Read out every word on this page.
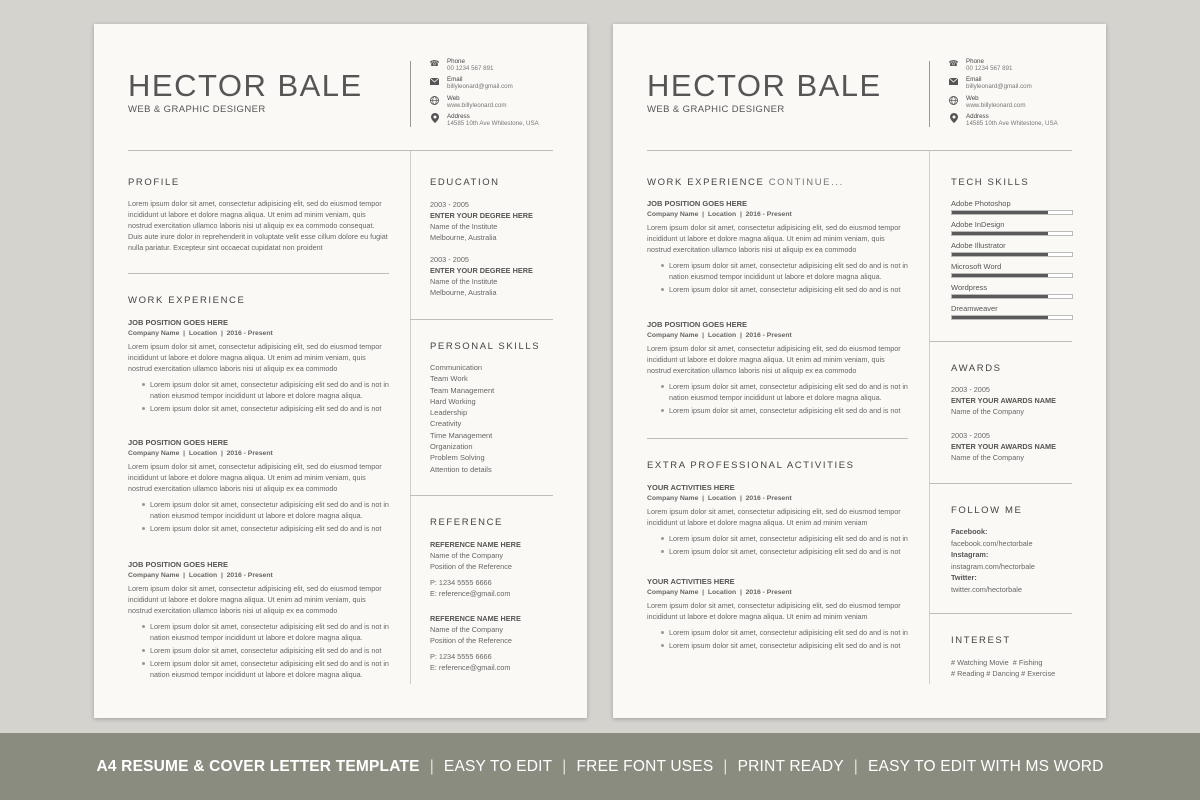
HECTOR BALE
WEB & GRAPHIC DESIGNER
☎ Phone
00 1234 567 891
Email
billyleonard@gmail.com
Web
www.billyleonard.com
Address
14585 10th Ave Whitestone, USA
PROFILE

Lorem ipsum dolor sit amet, consectetur adipisicing elit, sed do eiusmod tempor incididunt ut labore et dolore magna aliqua. Ut enim ad minim veniam, quis nostrud exercitation ullamco laboris nisi ut aliquip ex ea commodo consequat. Duis aute irure dolor in reprehenderit in voluptate velit esse cillum dolore eu fugiat nulla pariatur. Excepteur sint occaecat cupidatat non proident

WORK EXPERIENCE
JOB POSITION GOES HERE
Company Name  |  Location  |  2016 - Present
Lorem ipsum dolor sit amet, consectetur adipisicing elit, sed do eiusmod tempor incididunt ut labore et dolore magna aliqua. Ut enim ad minim veniam, quis nostrud exercitation ullamco laboris nisi ut aliquip ex ea commodo
Lorem ipsum dolor sit amet, consectetur adipisicing elit sed do and is not in nation eiusmod tempor incididunt ut labore et dolore magna aliqua.
Lorem ipsum dolor sit amet, consectetur adipisicing elit sed do and is not
JOB POSITION GOES HERE
Company Name  |  Location  |  2016 - Present
Lorem ipsum dolor sit amet, consectetur adipisicing elit, sed do eiusmod tempor incididunt ut labore et dolore magna aliqua. Ut enim ad minim veniam, quis nostrud exercitation ullamco laboris nisi ut aliquip ex ea commodo
Lorem ipsum dolor sit amet, consectetur adipisicing elit sed do and is not in nation eiusmod tempor incididunt ut labore et dolore magna aliqua.
Lorem ipsum dolor sit amet, consectetur adipisicing elit sed do and is not
JOB POSITION GOES HERE
Company Name  |  Location  |  2016 - Present
Lorem ipsum dolor sit amet, consectetur adipisicing elit, sed do eiusmod tempor incididunt ut labore et dolore magna aliqua. Ut enim ad minim veniam, quis nostrud exercitation ullamco laboris nisi ut aliquip ex ea commodo
Lorem ipsum dolor sit amet, consectetur adipisicing elit sed do and is not in nation eiusmod tempor incididunt ut labore et dolore magna aliqua.
Lorem ipsum dolor sit amet, consectetur adipisicing elit sed do and is not
Lorem ipsum dolor sit amet, consectetur adipisicing elit sed do and is not in nation eiusmod tempor incididunt ut labore et dolore magna aliqua.
EDUCATION
2003 - 2005
ENTER YOUR DEGREE HERE
Name of the Institute
Melbourne, Australia
2003 - 2005
ENTER YOUR DEGREE HERE
Name of the Institute
Melbourne, Australia
PERSONAL SKILLS
Communication
Team Work
Team Management
Hard Working
Leadership
Creativity
Time Management
Organization
Problem Solving
Attention to details
REFERENCE
REFERENCE NAME HERE
Name of the Company
Position of the Reference
P: 1234 5555 6666
E: reference@gmail.com
REFERENCE NAME HERE
Name of the Company
Position of the Reference
P: 1234 5555 6666
E: reference@gmail.com
HECTOR BALE
WEB & GRAPHIC DESIGNER
☎ Phone
00 1234 567 891
Email
billyleonard@gmail.com
Web
www.billyleonard.com
Address
14585 10th Ave Whitestone, USA
WORK EXPERIENCE CONTINUE...
JOB POSITION GOES HERE
Company Name  |  Location  |  2016 - Present
Lorem ipsum dolor sit amet, consectetur adipisicing elit, sed do eiusmod tempor incididunt ut labore et dolore magna aliqua. Ut enim ad minim veniam, quis nostrud exercitation ullamco laboris nisi ut aliquip ex ea commodo
Lorem ipsum dolor sit amet, consectetur adipisicing elit sed do and is not in nation eiusmod tempor incididunt ut labore et dolore magna aliqua.
Lorem ipsum dolor sit amet, consectetur adipisicing elit sed do and is not
JOB POSITION GOES HERE
Company Name  |  Location  |  2016 - Present
Lorem ipsum dolor sit amet, consectetur adipisicing elit, sed do eiusmod tempor incididunt ut labore et dolore magna aliqua. Ut enim ad minim veniam, quis nostrud exercitation ullamco laboris nisi ut aliquip ex ea commodo
Lorem ipsum dolor sit amet, consectetur adipisicing elit sed do and is not in nation eiusmod tempor incididunt ut labore et dolore magna aliqua.
Lorem ipsum dolor sit amet, consectetur adipisicing elit sed do and is not
EXTRA PROFESSIONAL ACTIVITIES
YOUR ACTIVITIES HERE
Company Name  |  Location  |  2016 - Present
Lorem ipsum dolor sit amet, consectetur adipisicing elit, sed do eiusmod tempor incididunt ut labore et dolore magna aliqua. Ut enim ad minim veniam
Lorem ipsum dolor sit amet, consectetur adipisicing elit sed do and is not in
Lorem ipsum dolor sit amet, consectetur adipisicing elit sed do and is not
YOUR ACTIVITIES HERE
Company Name  |  Location  |  2016 - Present
Lorem ipsum dolor sit amet, consectetur adipisicing elit, sed do eiusmod tempor incididunt ut labore et dolore magna aliqua. Ut enim ad minim veniam
Lorem ipsum dolor sit amet, consectetur adipisicing elit sed do and is not in
Lorem ipsum dolor sit amet, consectetur adipisicing elit sed do and is not
TECH SKILLS
Adobe Photoshop
Adobe InDesign
Adobe Illustrator
Microsoft Word
Wordpress
Dreamweaver
AWARDS
2003 - 2005
ENTER YOUR AWARDS NAME
Name of the Company
2003 - 2005
ENTER YOUR AWARDS NAME
Name of the Company
FOLLOW ME
Facebook:
facebook.com/hectorbale
Instagram:
instagram.com/hectorbale
Twitter:
twitter.com/hectorbale
INTEREST
# Watching Movie  # Fishing
# Reading # Dancing # Exercise
A4 RESUME & COVER LETTER TEMPLATE | EASY TO EDIT | FREE FONT USES | PRINT READY | EASY TO EDIT WITH MS WORD
